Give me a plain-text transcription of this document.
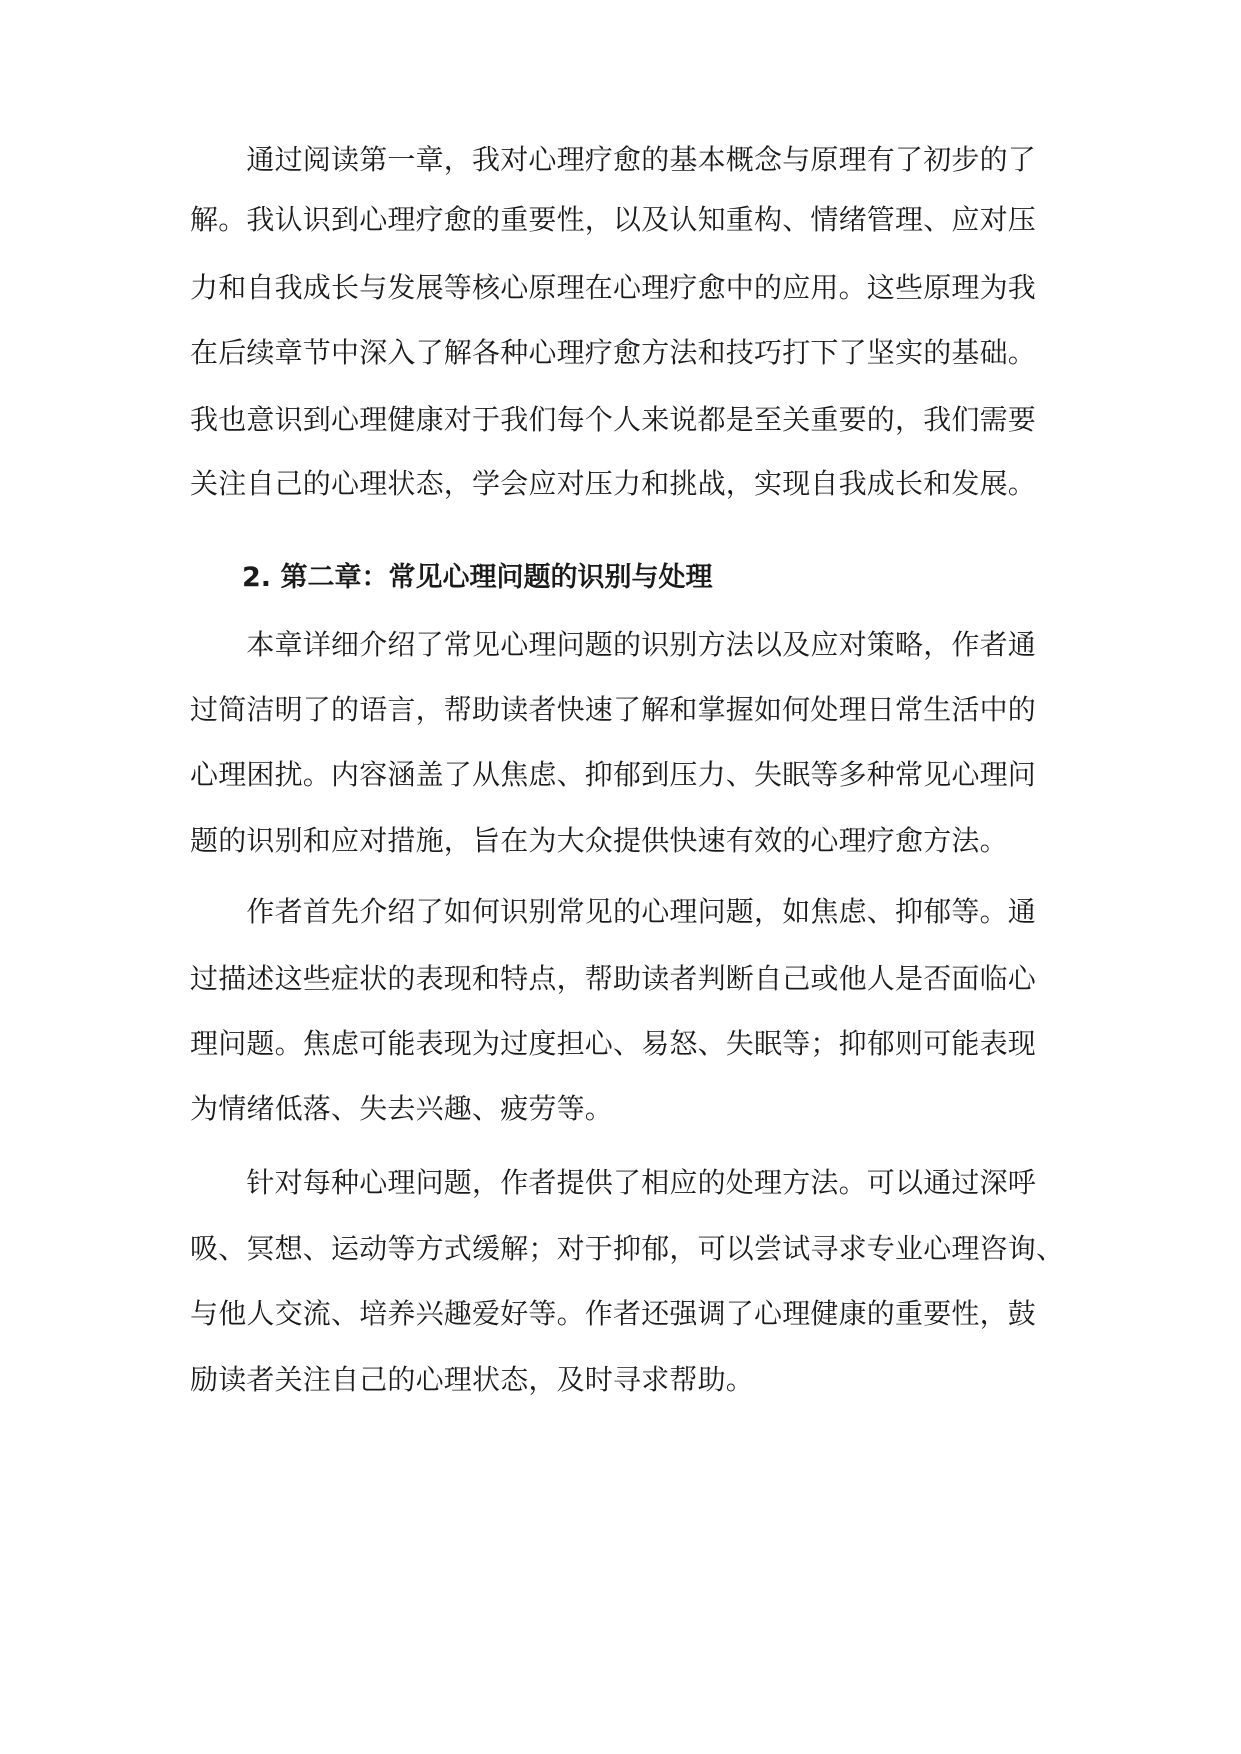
　　通过阅读第一章，我对心理疗愈的基本概念与原理有了初步的了
解。我认识到心理疗愈的重要性，以及认知重构、情绪管理、应对压
力和自我成长与发展等核心原理在心理疗愈中的应用。这些原理为我
在后续章节中深入了解各种心理疗愈方法和技巧打下了坚实的基础。
我也意识到心理健康对于我们每个人来说都是至关重要的，我们需要
关注自己的心理状态，学会应对压力和挑战，实现自我成长和发展。
2. 第二章：常见心理问题的识别与处理
　　本章详细介绍了常见心理问题的识别方法以及应对策略，作者通
过简洁明了的语言，帮助读者快速了解和掌握如何处理日常生活中的
心理困扰。内容涵盖了从焦虑、抑郁到压力、失眠等多种常见心理问
题的识别和应对措施，旨在为大众提供快速有效的心理疗愈方法。
　　作者首先介绍了如何识别常见的心理问题，如焦虑、抑郁等。通
过描述这些症状的表现和特点，帮助读者判断自己或他人是否面临心
理问题。焦虑可能表现为过度担心、易怒、失眠等；抑郁则可能表现
为情绪低落、失去兴趣、疲劳等。
　　针对每种心理问题，作者提供了相应的处理方法。可以通过深呼
吸、冥想、运动等方式缓解；对于抑郁，可以尝试寻求专业心理咨询、
与他人交流、培养兴趣爱好等。作者还强调了心理健康的重要性，鼓
励读者关注自己的心理状态，及时寻求帮助。
